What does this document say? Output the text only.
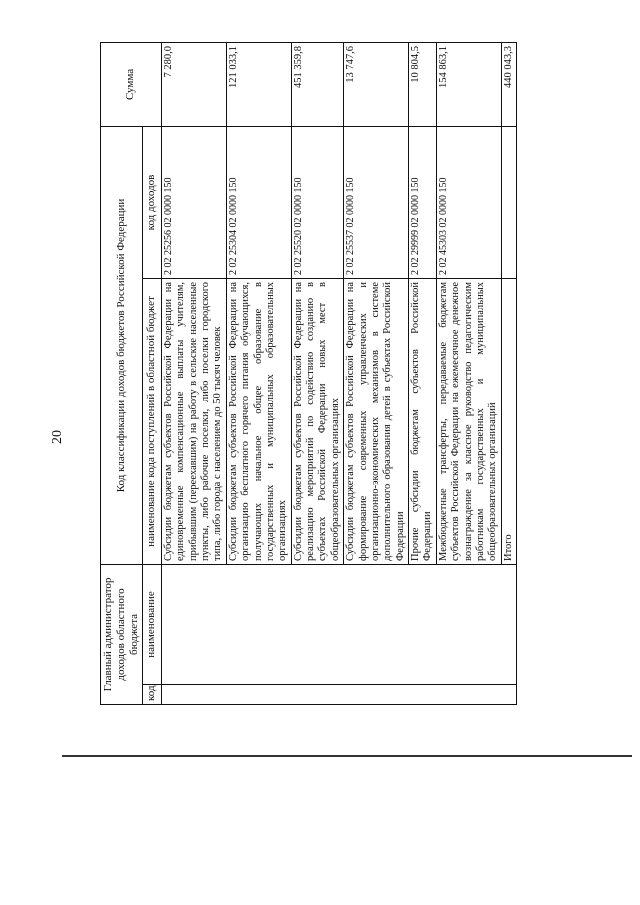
20
Главный администратор доходов областного бюджета		Код классификации доходов бюджетов Российской Федерации		Сумма
код	наименование	наименование кода поступлений в областной бюджет	код доходов	
		Субсидии бюджетам субъектов Российской Федерации на единовременные компенсационные выплаты учителям, прибывшим (переехавшим) на работу в сельские населенные пункты, либо рабочие поселки, либо поселки городского типа, либо города с населением до 50 тысяч человек	2 02 25256 02 0000 150	7 280,0
		Субсидии бюджетам субъектов Российской Федерации на организацию бесплатного горячего питания обучающихся, получающих начальное общее образование в государственных и муниципальных образовательных организациях	2 02 25304 02 0000 150	121 033,1
		Субсидии бюджетам субъектов Российской Федерации на реализацию мероприятий по содействию созданию в субъектах Российской Федерации новых мест в общеобразовательных организациях	2 02 25520 02 0000 150	451 359,8
		Субсидии бюджетам субъектов Российской Федерации на формирование современных управленческих и организационно-экономических механизмов в системе дополнительного образования детей в субъектах Российской Федерации	2 02 25537 02 0000 150	13 747,6
		Прочие субсидии бюджетам субъектов Российской Федерации	2 02 29999 02 0000 150	10 804,5
		Межбюджетные трансферты, передаваемые бюджетам субъектов Российской Федерации на ежемесячное денежное вознаграждение за классное руководство педагогическим работникам государственных и муниципальных общеобразовательных организаций	2 02 45303 02 0000 150	154 863,1
		Итого		440 043,3
